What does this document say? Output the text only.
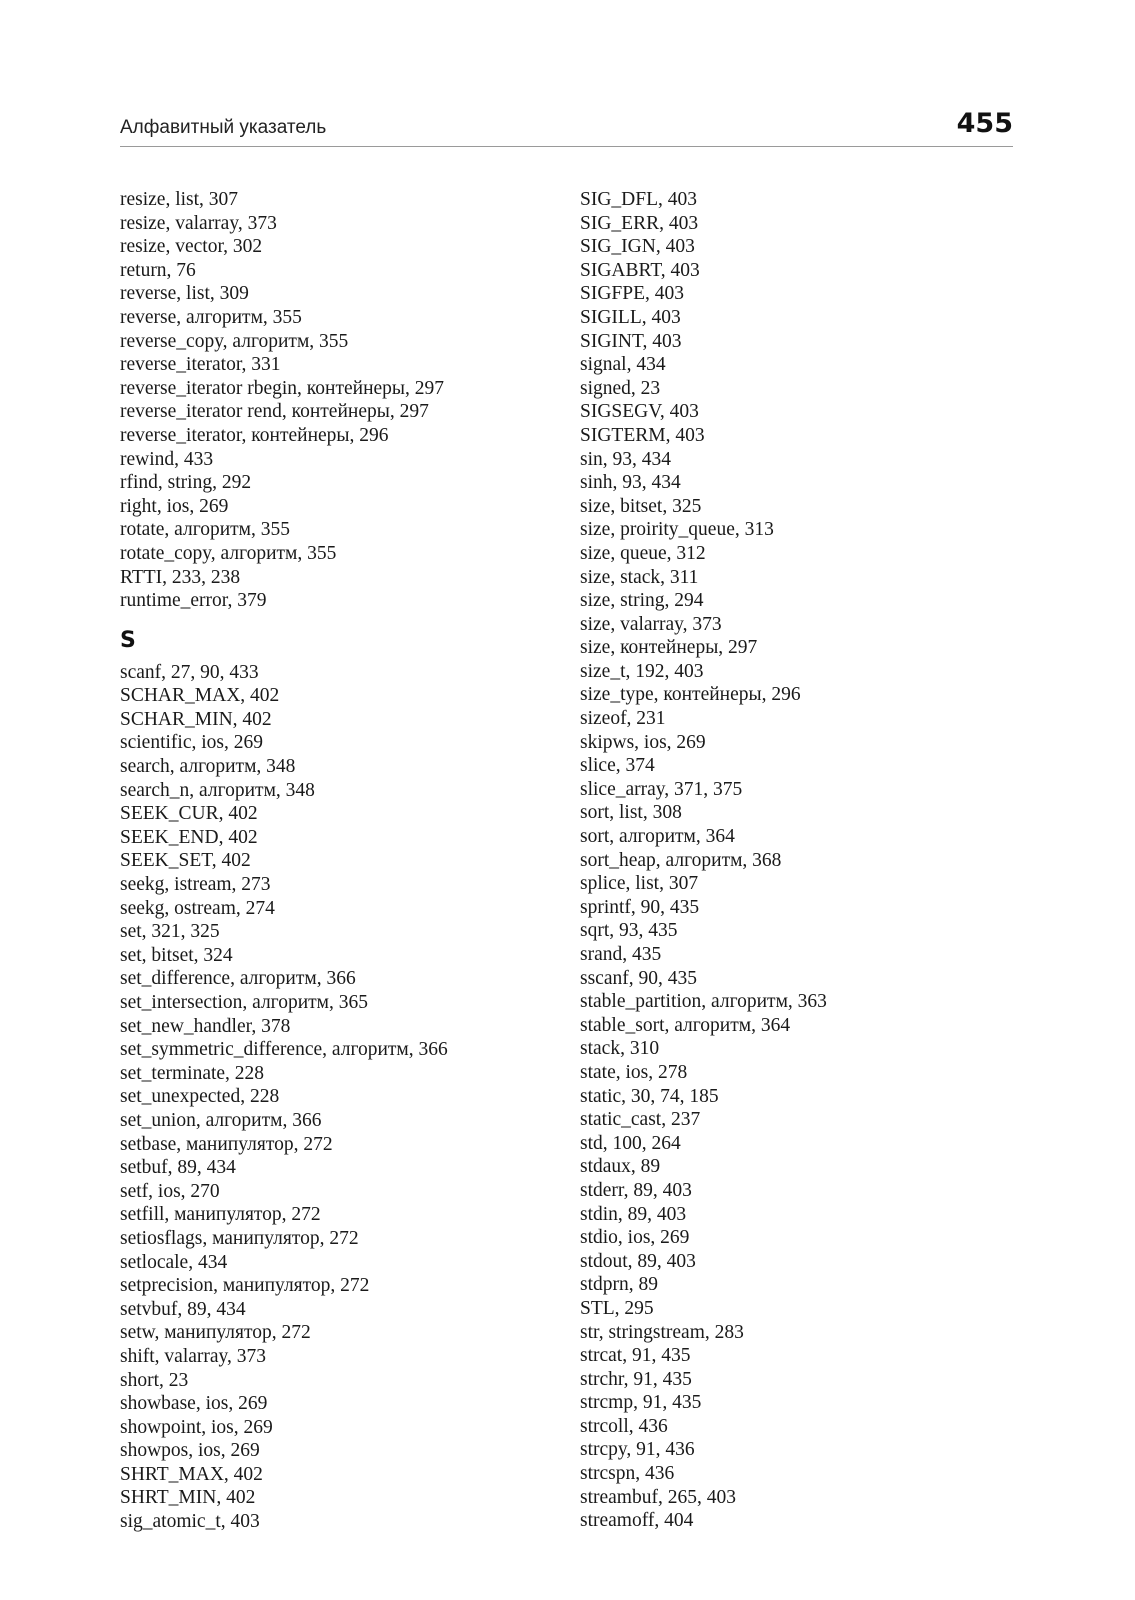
Алфавитный указатель	455
resize, list, 307
resize, valarray, 373
resize, vector, 302
return, 76
reverse, list, 309
reverse, алгоритм, 355
reverse_copy, алгоритм, 355
reverse_iterator, 331
reverse_iterator rbegin, контейнеры, 297
reverse_iterator rend, контейнеры, 297
reverse_iterator, контейнеры, 296
rewind, 433
rfind, string, 292
right, ios, 269
rotate, алгоритм, 355
rotate_copy, алгоритм, 355
RTTI, 233, 238
runtime_error, 379
S
scanf, 27, 90, 433
SCHAR_MAX, 402
SCHAR_MIN, 402
scientific, ios, 269
search, алгоритм, 348
search_n, алгоритм, 348
SEEK_CUR, 402
SEEK_END, 402
SEEK_SET, 402
seekg, istream, 273
seekg, ostream, 274
set, 321, 325
set, bitset, 324
set_difference, алгоритм, 366
set_intersection, алгоритм, 365
set_new_handler, 378
set_symmetric_difference, алгоритм, 366
set_terminate, 228
set_unexpected, 228
set_union, алгоритм, 366
setbase, манипулятор, 272
setbuf, 89, 434
setf, ios, 270
setfill, манипулятор, 272
setiosflags, манипулятор, 272
setlocale, 434
setprecision, манипулятор, 272
setvbuf, 89, 434
setw, манипулятор, 272
shift, valarray, 373
short, 23
showbase, ios, 269
showpoint, ios, 269
showpos, ios, 269
SHRT_MAX, 402
SHRT_MIN, 402
sig_atomic_t, 403
SIG_DFL, 403
SIG_ERR, 403
SIG_IGN, 403
SIGABRT, 403
SIGFPE, 403
SIGILL, 403
SIGINT, 403
signal, 434
signed, 23
SIGSEGV, 403
SIGTERM, 403
sin, 93, 434
sinh, 93, 434
size, bitset, 325
size, proirity_queue, 313
size, queue, 312
size, stack, 311
size, string, 294
size, valarray, 373
size, контейнеры, 297
size_t, 192, 403
size_type, контейнеры, 296
sizeof, 231
skipws, ios, 269
slice, 374
slice_array, 371, 375
sort, list, 308
sort, алгоритм, 364
sort_heap, алгоритм, 368
splice, list, 307
sprintf, 90, 435
sqrt, 93, 435
srand, 435
sscanf, 90, 435
stable_partition, алгоритм, 363
stable_sort, алгоритм, 364
stack, 310
state, ios, 278
static, 30, 74, 185
static_cast, 237
std, 100, 264
stdaux, 89
stderr, 89, 403
stdin, 89, 403
stdio, ios, 269
stdout, 89, 403
stdprn, 89
STL, 295
str, stringstream, 283
strcat, 91, 435
strchr, 91, 435
strcmp, 91, 435
strcoll, 436
strcpy, 91, 436
strcspn, 436
streambuf, 265, 403
streamoff, 404
